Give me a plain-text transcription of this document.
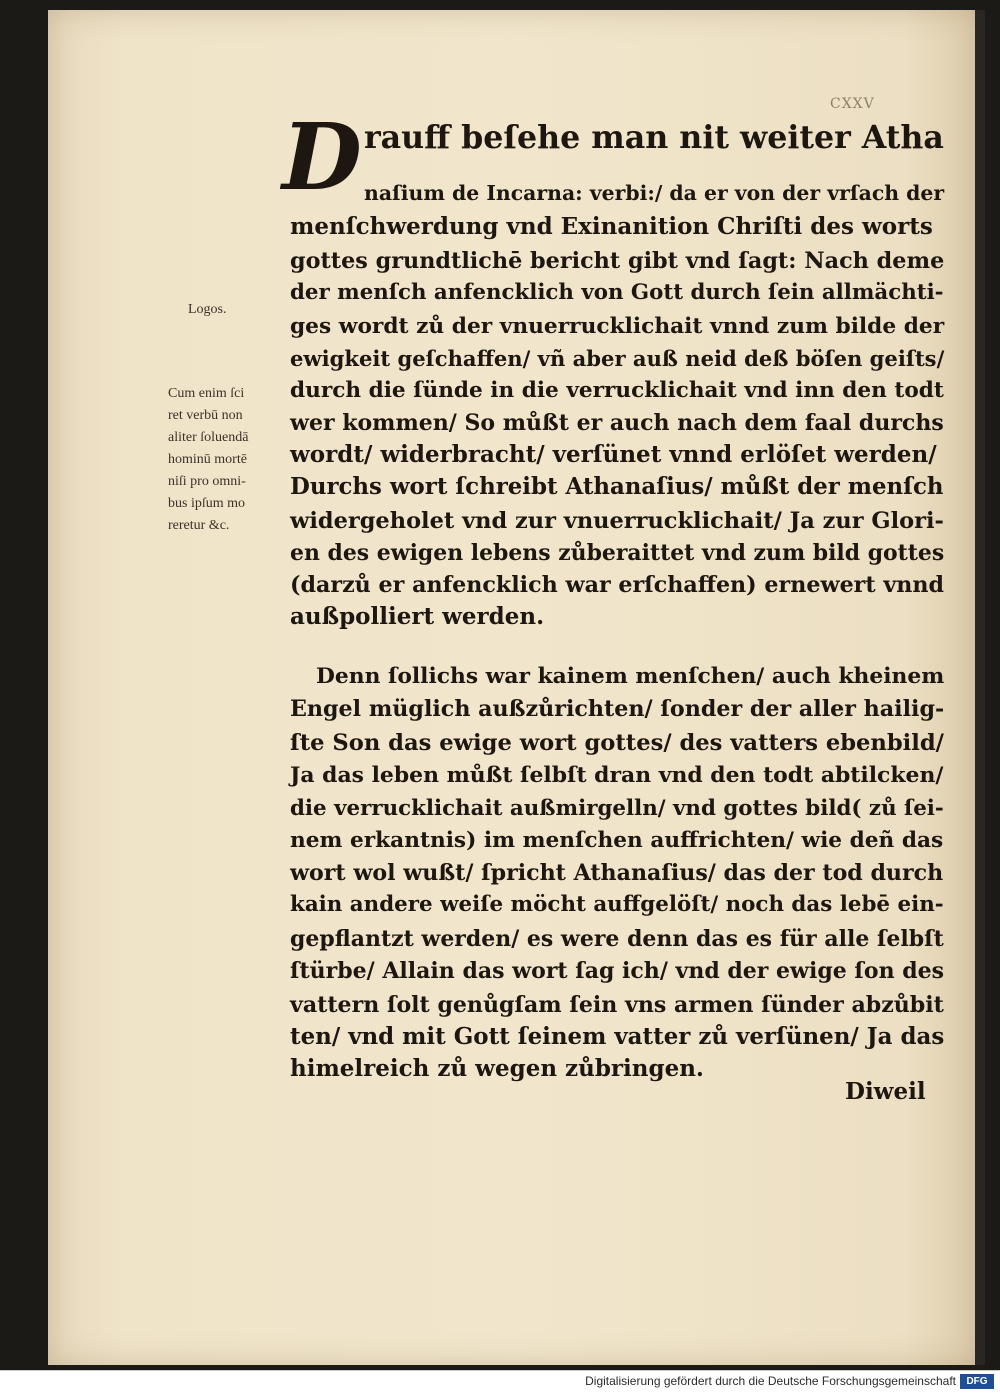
CXXV
D rauff beſehe man nit weiter Atha
naſium de Incarna: verbi:/ da er von der vrſach der
menſchwerdung vnd Exinanition Chriſti des worts
gottes grundtlichē bericht gibt vnd ſagt: Nach deme
der menſch anfencklich von Gott durch ſein allmächti-
ges wordt zů der vnuerrucklichait vnnd zum bilde der
ewigkeit geſchaffen/ vñ aber auß neid deß böſen geiſts/
durch die ſünde in die verrucklichait vnd inn den todt
wer kommen/ So můßt er auch nach dem faal durchs
wordt/ widerbracht/ verſünet vnnd erlöſet werden/
Durchs wort ſchreibt Athanaſius/ můßt der menſch
widergeholet vnd zur vnuerrucklichait/ Ja zur Glori-
en des ewigen lebens zůberaittet vnd zum bild gottes
(darzů er anfencklich war erſchaffen) ernewert vnnd
außpolliert werden.
Denn ſollichs war kainem menſchen/ auch kheinem
Engel müglich außzůrichten/ ſonder der aller hailig-
ſte Son das ewige wort gottes/ des vatters ebenbild/
Ja das leben můßt ſelbſt dran vnd den todt abtilcken/
die verrucklichait außmirgelln/ vnd gottes bild( zů ſei-
nem erkantnis) im menſchen auffrichten/ wie deñ das
wort wol wußt/ ſpricht Athanaſius/ das der tod durch
kain andere weiſe möcht auffgelöſt/ noch das lebē ein-
gepflantzt werden/ es were denn das es für alle ſelbſt
ſtürbe/ Allain das wort ſag ich/ vnd der ewige ſon des
vattern ſolt genůgſam ſein vns armen ſünder abzůbit
ten/ vnd mit Gott ſeinem vatter zů verſünen/ Ja das
himelreich zů wegen zůbringen.
Logos.
Cum enim ſci
ret verbū non
aliter ſoluendā
hominū mortē
niſi pro omni-
bus ipſum mo
reretur &c.
Diweil
Digitalisierung gefördert durch die Deutsche Forschungsgemeinschaft	DFG
